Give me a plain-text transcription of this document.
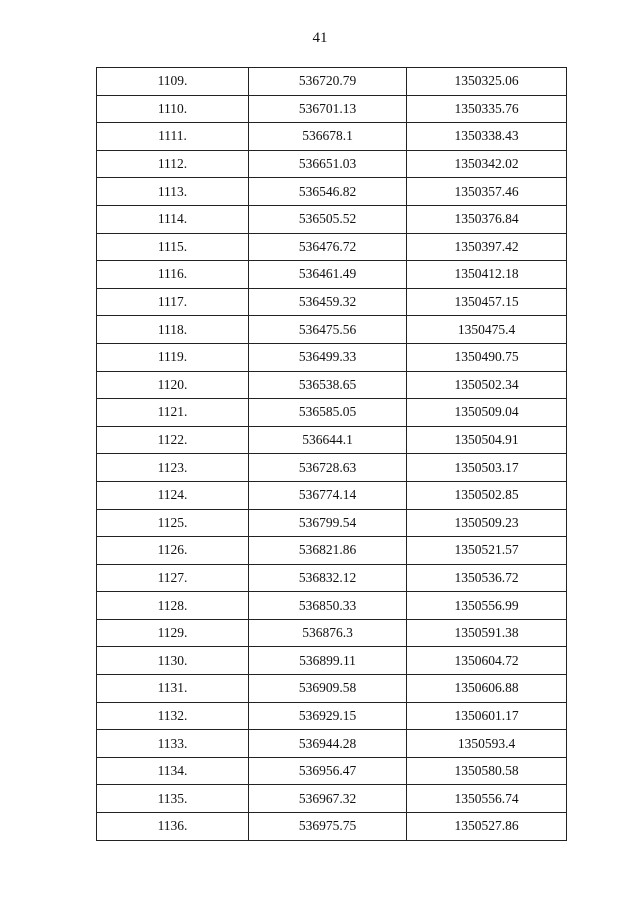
41
1109.	536720.79	1350325.06
1110.	536701.13	1350335.76
1111.	536678.1	1350338.43
1112.	536651.03	1350342.02
1113.	536546.82	1350357.46
1114.	536505.52	1350376.84
1115.	536476.72	1350397.42
1116.	536461.49	1350412.18
1117.	536459.32	1350457.15
1118.	536475.56	1350475.4
1119.	536499.33	1350490.75
1120.	536538.65	1350502.34
1121.	536585.05	1350509.04
1122.	536644.1	1350504.91
1123.	536728.63	1350503.17
1124.	536774.14	1350502.85
1125.	536799.54	1350509.23
1126.	536821.86	1350521.57
1127.	536832.12	1350536.72
1128.	536850.33	1350556.99
1129.	536876.3	1350591.38
1130.	536899.11	1350604.72
1131.	536909.58	1350606.88
1132.	536929.15	1350601.17
1133.	536944.28	1350593.4
1134.	536956.47	1350580.58
1135.	536967.32	1350556.74
1136.	536975.75	1350527.86
